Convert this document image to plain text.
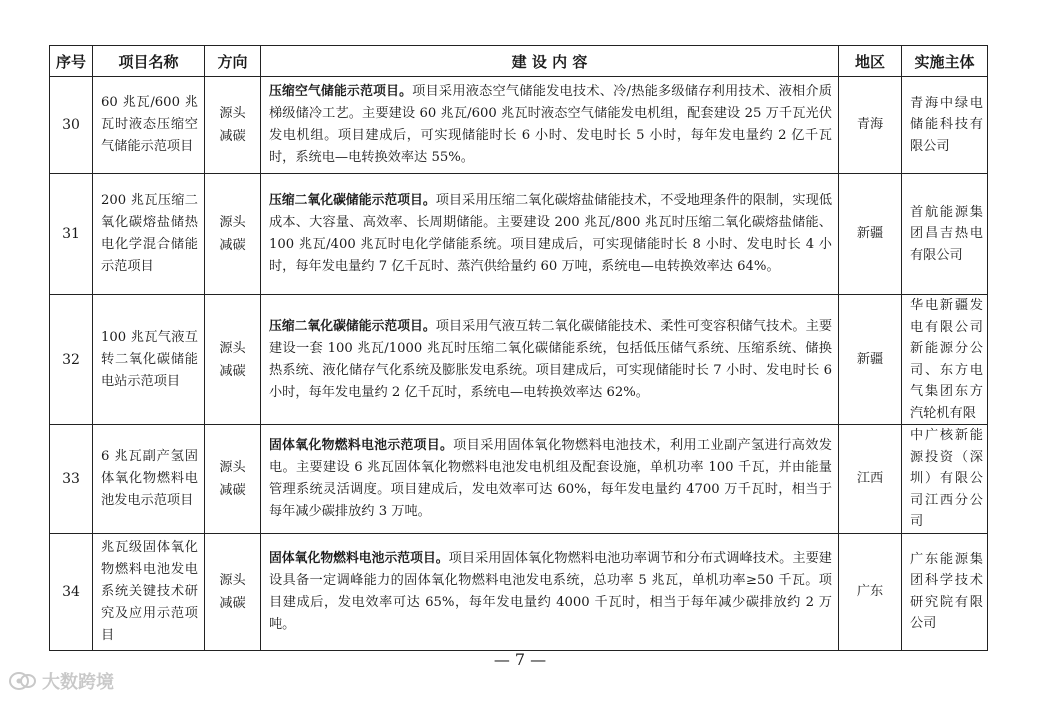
序号	项目名称	方向	建 设 内 容	地区	实施主体
30	60 兆瓦/600 兆瓦时液态压缩空气储能示范项目	源头减碳	压缩空气储能示范项目。项目采用液态空气储能发电技术、冷/热能多级储存利用技术、液相介质梯级储冷工艺。主要建设 60 兆瓦/600 兆瓦时液态空气储能发电机组，配套建设 25 万千瓦光伏发电机组。项目建成后，可实现储能时长 6 小时、发电时长 5 小时，每年发电量约 2 亿千瓦时，系统电—电转换效率达 55%。	青海	青海中绿电储能科技有限公司
31	200 兆瓦压缩二氧化碳熔盐储热电化学混合储能示范项目	源头减碳	压缩二氧化碳储能示范项目。项目采用压缩二氧化碳熔盐储能技术，不受地理条件的限制，实现低成本、大容量、高效率、长周期储能。主要建设 200 兆瓦/800 兆瓦时压缩二氧化碳熔盐储能、100 兆瓦/400 兆瓦时电化学储能系统。项目建成后，可实现储能时长 8 小时、发电时长 4 小时，每年发电量约 7 亿千瓦时、蒸汽供给量约 60 万吨，系统电—电转换效率达 64%。	新疆	首航能源集团昌吉热电有限公司
32	100 兆瓦气液互转二氧化碳储能电站示范项目	源头减碳	压缩二氧化碳储能示范项目。项目采用气液互转二氧化碳储能技术、柔性可变容积储气技术。主要建设一套 100 兆瓦/1000 兆瓦时压缩二氧化碳储能系统，包括低压储气系统、压缩系统、储换热系统、液化储存气化系统及膨胀发电系统。项目建成后，可实现储能时长 7 小时、发电时长 6 小时，每年发电量约 2 亿千瓦时，系统电—电转换效率达 62%。	新疆	华电新疆发电有限公司新能源分公司、东方电气集团东方汽轮机有限
33	6 兆瓦副产氢固体氧化物燃料电池发电示范项目	源头减碳	固体氧化物燃料电池示范项目。项目采用固体氧化物燃料电池技术，利用工业副产氢进行高效发电。主要建设 6 兆瓦固体氧化物燃料电池发电机组及配套设施，单机功率 100 千瓦，并由能量管理系统灵活调度。项目建成后，发电效率可达 60%，每年发电量约 4700 万千瓦时，相当于每年减少碳排放约 3 万吨。	江西	中广核新能源投资（深圳）有限公司江西分公司
34	兆瓦级固体氧化物燃料电池发电系统关键技术研究及应用示范项目	源头减碳	固体氧化物燃料电池示范项目。项目采用固体氧化物燃料电池功率调节和分布式调峰技术。主要建设具备一定调峰能力的固体氧化物燃料电池发电系统，总功率 5 兆瓦，单机功率≥50 千瓦。项目建成后，发电效率可达 65%，每年发电量约 4000 千瓦时，相当于每年减少碳排放约 2 万吨。	广东	广东能源集团科学技术研究院有限公司
— 7 —
大数跨境
